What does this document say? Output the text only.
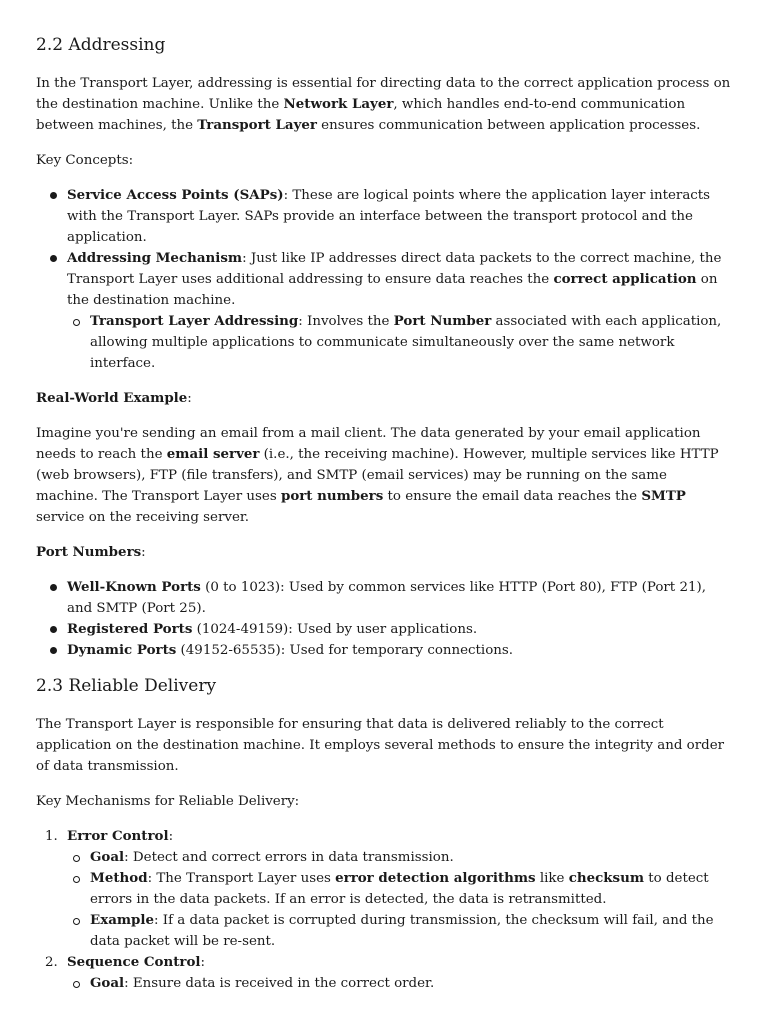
2.2 Addressing

In the Transport Layer, addressing is essential for directing data to the correct application process on the destination machine. Unlike the Network Layer, which handles end-to-end communication between machines, the Transport Layer ensures communication between application processes.

Key Concepts:

Service Access Points (SAPs): These are logical points where the application layer interacts with the Transport Layer. SAPs provide an interface between the transport protocol and the application.
Addressing Mechanism: Just like IP addresses direct data packets to the correct machine, the Transport Layer uses additional addressing to ensure data reaches the correct application on the destination machine.
Transport Layer Addressing: Involves the Port Number associated with each application, allowing multiple applications to communicate simultaneously over the same network interface.

Real-World Example:

Imagine you're sending an email from a mail client. The data generated by your email application needs to reach the email server (i.e., the receiving machine). However, multiple services like HTTP (web browsers), FTP (file transfers), and SMTP (email services) may be running on the same machine. The Transport Layer uses port numbers to ensure the email data reaches the SMTP service on the receiving server.

Port Numbers:

Well-Known Ports (0 to 1023): Used by common services like HTTP (Port 80), FTP (Port 21), and SMTP (Port 25).
Registered Ports (1024-49159): Used by user applications.
Dynamic Ports (49152-65535): Used for temporary connections.
2.3 Reliable Delivery

The Transport Layer is responsible for ensuring that data is delivered reliably to the correct application on the destination machine. It employs several methods to ensure the integrity and order of data transmission.

Key Mechanisms for Reliable Delivery:

1. Error Control:
Goal: Detect and correct errors in data transmission.
Method: The Transport Layer uses error detection algorithms like checksum to detect errors in the data packets. If an error is detected, the data is retransmitted.
Example: If a data packet is corrupted during transmission, the checksum will fail, and the data packet will be re-sent.
2. Sequence Control:
Goal: Ensure data is received in the correct order.
